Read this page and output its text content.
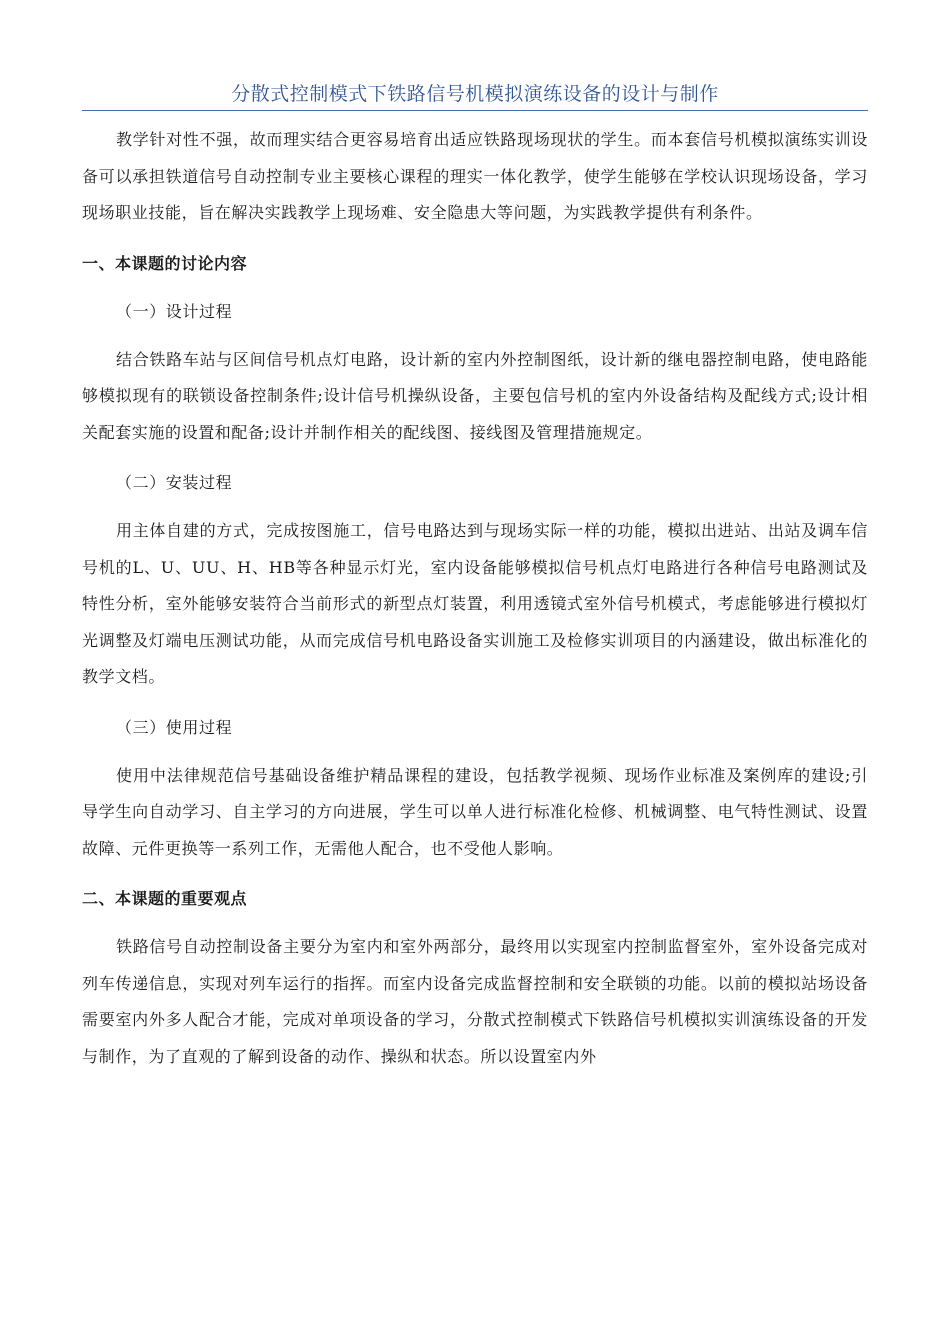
分散式控制模式下铁路信号机模拟演练设备的设计与制作

教学针对性不强，故而理实结合更容易培育出适应铁路现场现状的学生。而本套信号机模拟演练实训设备可以承担铁道信号自动控制专业主要核心课程的理实一体化教学，使学生能够在学校认识现场设备，学习现场职业技能，旨在解决实践教学上现场难、安全隐患大等问题，为实践教学提供有利条件。

一、本课题的讨论内容
（一）设计过程

结合铁路车站与区间信号机点灯电路，设计新的室内外控制图纸，设计新的继电器控制电路，使电路能够模拟现有的联锁设备控制条件;设计信号机操纵设备，主要包信号机的室内外设备结构及配线方式;设计相关配套实施的设置和配备;设计并制作相关的配线图、接线图及管理措施规定。

（二）安装过程

用主体自建的方式，完成按图施工，信号电路达到与现场实际一样的功能，模拟出进站、出站及调车信号机的L、U、UU、H、HB等各种显示灯光，室内设备能够模拟信号机点灯电路进行各种信号电路测试及特性分析，室外能够安装符合当前形式的新型点灯装置，利用透镜式室外信号机模式，考虑能够进行模拟灯光调整及灯端电压测试功能，从而完成信号机电路设备实训施工及检修实训项目的内涵建设，做出标准化的教学文档。

（三）使用过程

使用中法律规范信号基础设备维护精品课程的建设，包括教学视频、现场作业标准及案例库的建设;引导学生向自动学习、自主学习的方向进展，学生可以单人进行标准化检修、机械调整、电气特性测试、设置故障、元件更换等一系列工作，无需他人配合，也不受他人影响。

二、本课题的重要观点

铁路信号自动控制设备主要分为室内和室外两部分，最终用以实现室内控制监督室外，室外设备完成对列车传递信息，实现对列车运行的指挥。而室内设备完成监督控制和安全联锁的功能。以前的模拟站场设备需要室内外多人配合才能，完成对单项设备的学习，分散式控制模式下铁路信号机模拟实训演练设备的开发与制作，为了直观的了解到设备的动作、操纵和状态。所以设置室内外
